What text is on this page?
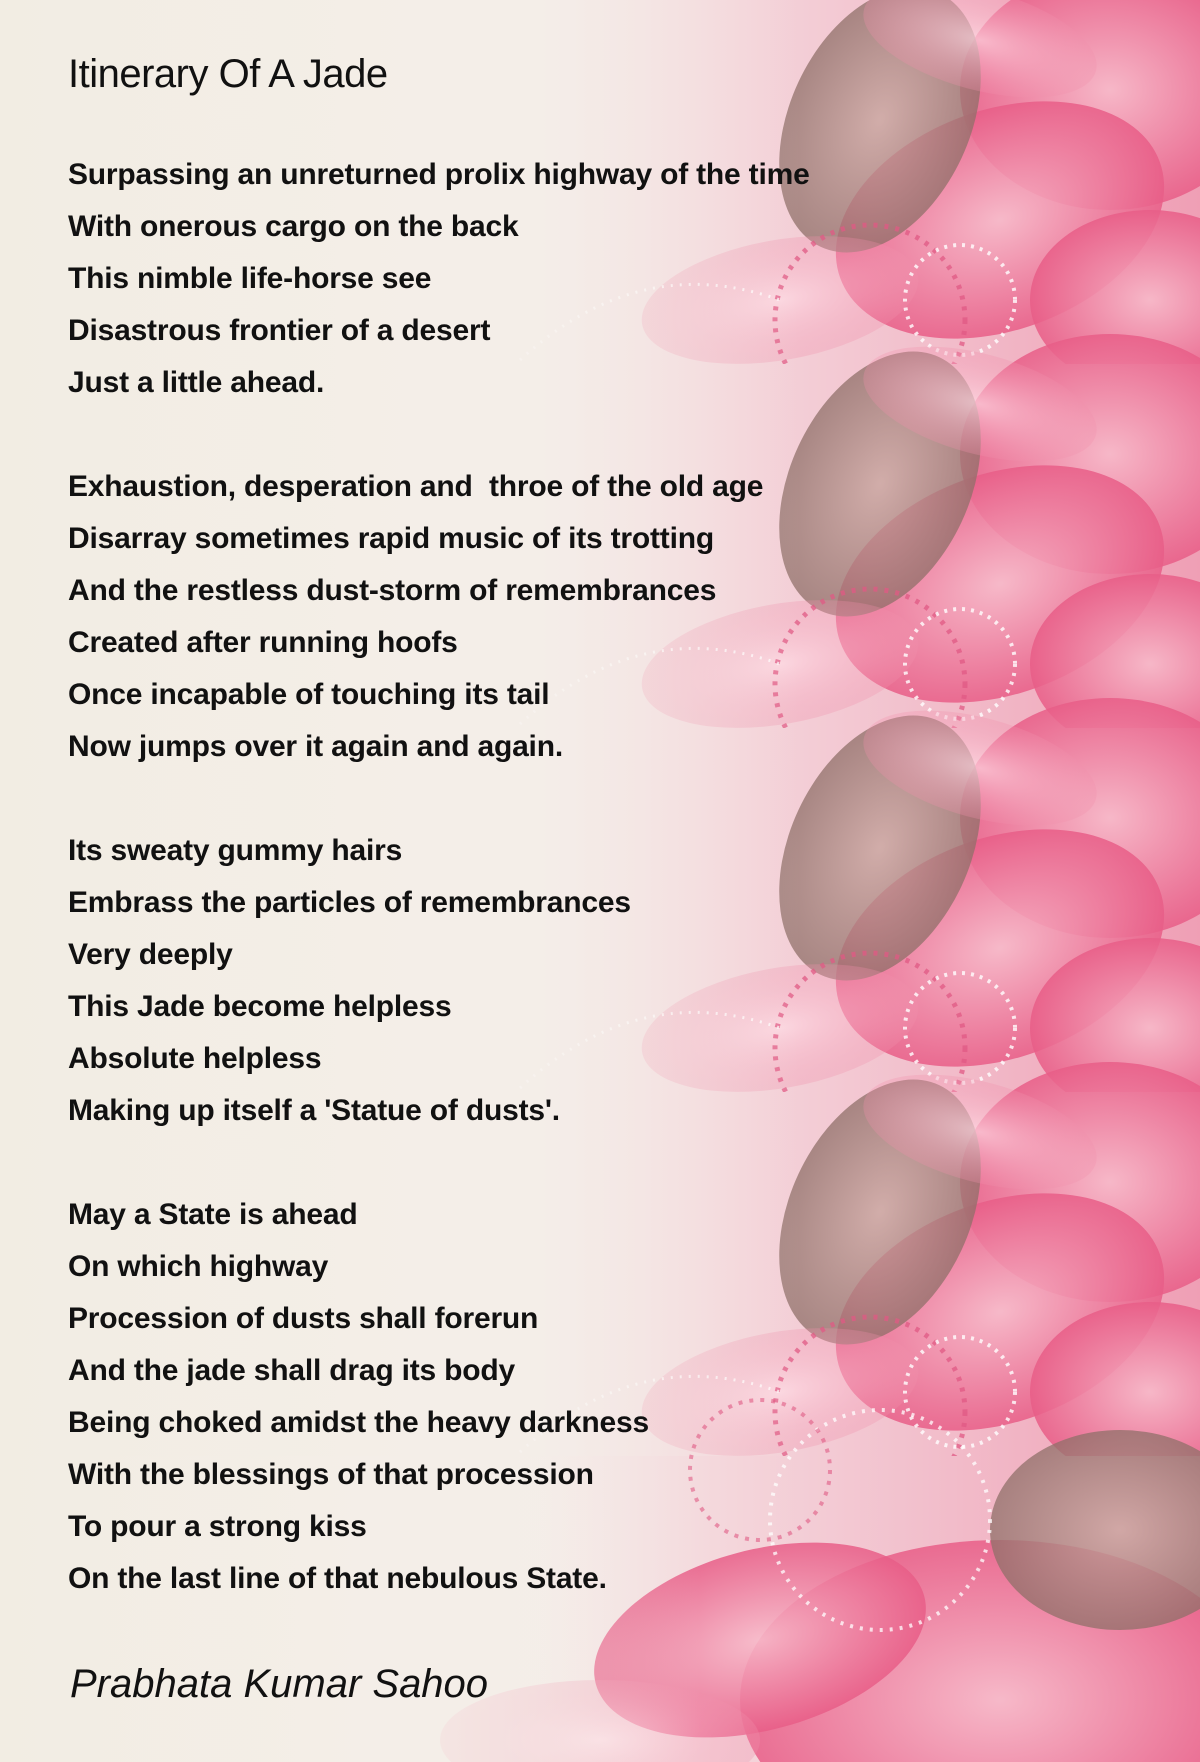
Itinerary Of A Jade
Surpassing an unreturned prolix highway of the time
With onerous cargo on the back
This nimble life-horse see
Disastrous frontier of a desert
Just a little ahead.
Exhaustion, desperation and  throe of the old age
Disarray sometimes rapid music of its trotting
And the restless dust-storm of remembrances
Created after running hoofs
Once incapable of touching its tail
Now jumps over it again and again.
Its sweaty gummy hairs
Embrass the particles of remembrances
Very deeply
This Jade become helpless
Absolute helpless
Making up itself a 'Statue of dusts'.
May a State is ahead
On which highway
Procession of dusts shall forerun
And the jade shall drag its body
Being choked amidst the heavy darkness
With the blessings of that procession
To pour a strong kiss
On the last line of that nebulous State.

Prabhata Kumar Sahoo
